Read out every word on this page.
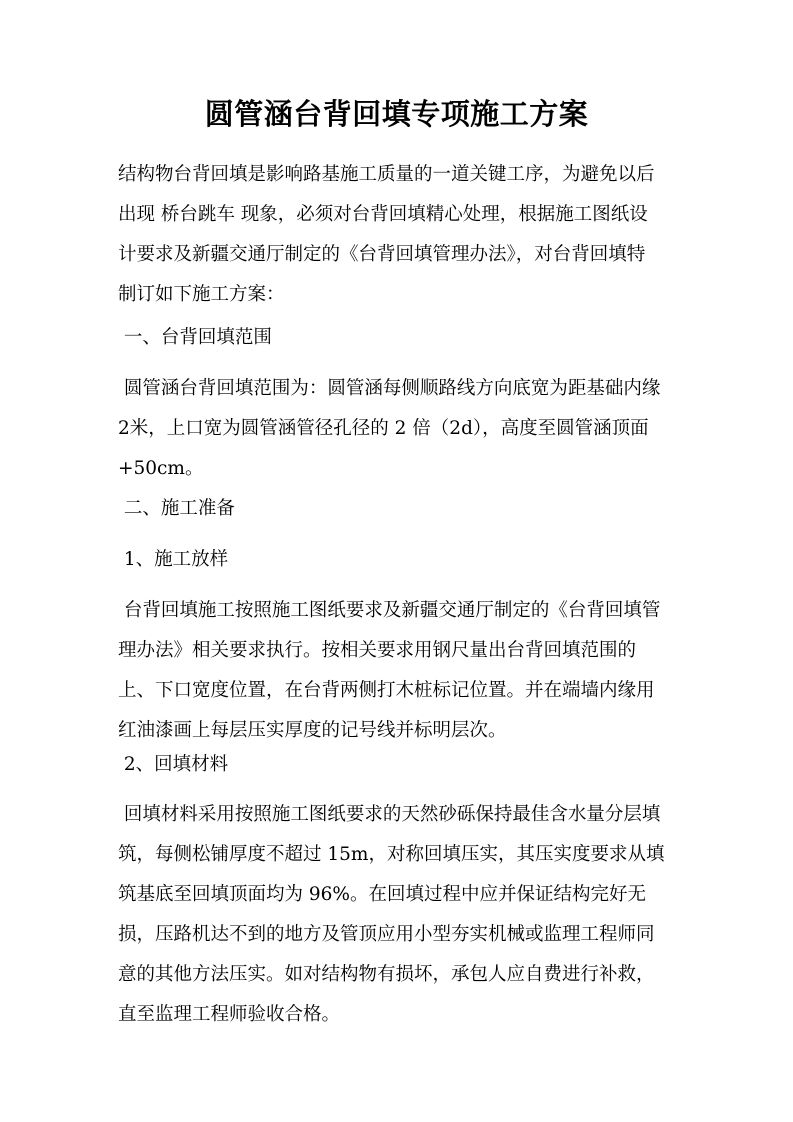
圆管涵台背回填专项施工方案
结构物台背回填是影响路基施工质量的一道关键工序，为避免以后
出现 桥台跳车 现象，必须对台背回填精心处理，根据施工图纸设
计要求及新疆交通厅制定的《台背回填管理办法》，对台背回填特
制订如下施工方案：
一、台背回填范围
圆管涵台背回填范围为：圆管涵每侧顺路线方向底宽为距基础内缘
2米，上口宽为圆管涵管径孔径的 2 倍（2d），高度至圆管涵顶面
+50cm。
二、施工准备
1、施工放样
台背回填施工按照施工图纸要求及新疆交通厅制定的《台背回填管
理办法》相关要求执行。按相关要求用钢尺量出台背回填范围的
上、下口宽度位置，在台背两侧打木桩标记位置。并在端墙内缘用
红油漆画上每层压实厚度的记号线并标明层次。
2、回填材料
回填材料采用按照施工图纸要求的天然砂砾保持最佳含水量分层填
筑，每侧松铺厚度不超过 15m，对称回填压实，其压实度要求从填
筑基底至回填顶面均为 96%。在回填过程中应并保证结构完好无
损，压路机达不到的地方及管顶应用小型夯实机械或监理工程师同
意的其他方法压实。如对结构物有损坏，承包人应自费进行补救，
直至监理工程师验收合格。
